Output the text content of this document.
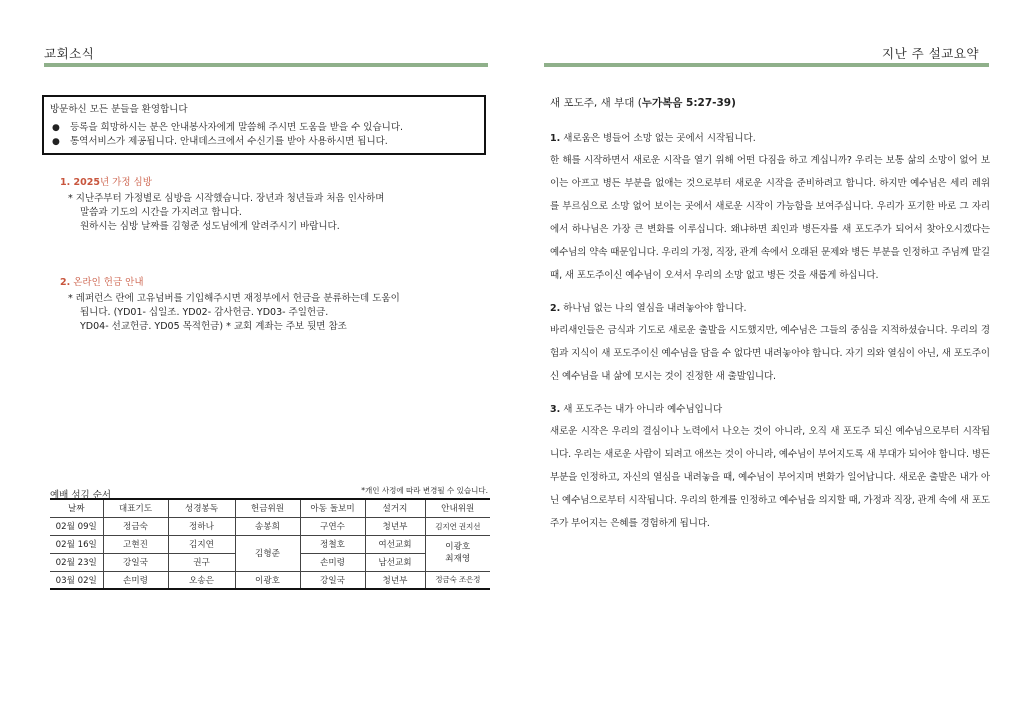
교회소식
방문하신 모든 분들을 환영합니다
● 등록을 희망하시는 분은 안내봉사자에게 말씀해 주시면 도움을 받을 수 있습니다.
● 통역서비스가 제공됩니다. 안내데스크에서 수신기를 받아 사용하시면 됩니다.
1. 2025년 가정 심방
* 지난주부터 가정별로 심방을 시작했습니다. 장년과 청년들과 처음 인사하며
말씀과 기도의 시간을 가지려고 합니다.
원하시는 심방 날짜를 김형준 성도님에게 알려주시기 바랍니다.
2. 온라인 헌금 안내
* 레퍼런스 란에 고유넘버를 기입해주시면 재정부에서 헌금을 분류하는데 도움이
됩니다. (YD01- 십일조. YD02- 감사헌금. YD03- 주일헌금.
YD04- 선교헌금. YD05 목적헌금) * 교회 계좌는 주보 뒷면 참조
예배 섬김 순서	*개인 사정에 따라 변경될 수 있습니다.
날짜	대표기도	성경봉독	헌금위원	아동 돌보미	설거지	안내위원
02월 09일	정금숙	정하나	송봉희	구연수	청년부	김지연 권지선
02월 16일	고현진	김지연	김형준	정철호	여선교회	이광호
최재영
02월 23일	강일국	권구		손미령	남선교회	
03월 02일	손미령	오송은	이광호	강일국	청년부	정금숙 조은정
지난 주 설교요약
새 포도주, 새 부대 (누가복음 5:27-39)
1. 새로움은 병들어 소망 없는 곳에서 시작됩니다.
한 해를 시작하면서 새로운 시작을 열기 위해 어떤 다짐을 하고 계십니까? 우리는 보통 삶의 소망이 없어 보이는 아프고 병든 부분을 없애는 것으로부터 새로운 시작을 준비하려고 합니다. 하지만 예수님은 세리 레위를 부르심으로 소망 없어 보이는 곳에서 새로운 시작이 가능함을 보여주십니다. 우리가 포기한 바로 그 자리에서 하나님은 가장 큰 변화를 이루십니다. 왜냐하면 죄인과 병든자를 새 포도주가 되어서 찾아오시겠다는 예수님의 약속 때문입니다. 우리의 가정, 직장, 관계 속에서 오래된 문제와 병든 부분을 인정하고 주님께 맡길 때, 새 포도주이신 예수님이 오셔서 우리의 소망 없고 병든 것을 새롭게 하십니다.
2. 하나님 없는 나의 열심을 내려놓아야 합니다.
바리새인들은 금식과 기도로 새로운 출발을 시도했지만, 예수님은 그들의 중심을 지적하셨습니다. 우리의 경험과 지식이 새 포도주이신 예수님을 담을 수 없다면 내려놓아야 합니다. 자기 의와 열심이 아닌, 새 포도주이신 예수님을 내 삶에 모시는 것이 진정한 새 출발입니다.
3. 새 포도주는 내가 아니라 예수님입니다
새로운 시작은 우리의 결심이나 노력에서 나오는 것이 아니라, 오직 새 포도주 되신 예수님으로부터 시작됩니다. 우리는 새로운 사람이 되려고 애쓰는 것이 아니라, 예수님이 부어지도록 새 부대가 되어야 합니다. 병든 부분을 인정하고, 자신의 열심을 내려놓을 때, 예수님이 부어지며 변화가 일어납니다. 새로운 출발은 내가 아닌 예수님으로부터 시작됩니다. 우리의 한계를 인정하고 예수님을 의지할 때, 가정과 직장, 관계 속에 새 포도주가 부어지는 은혜를 경험하게 됩니다.
